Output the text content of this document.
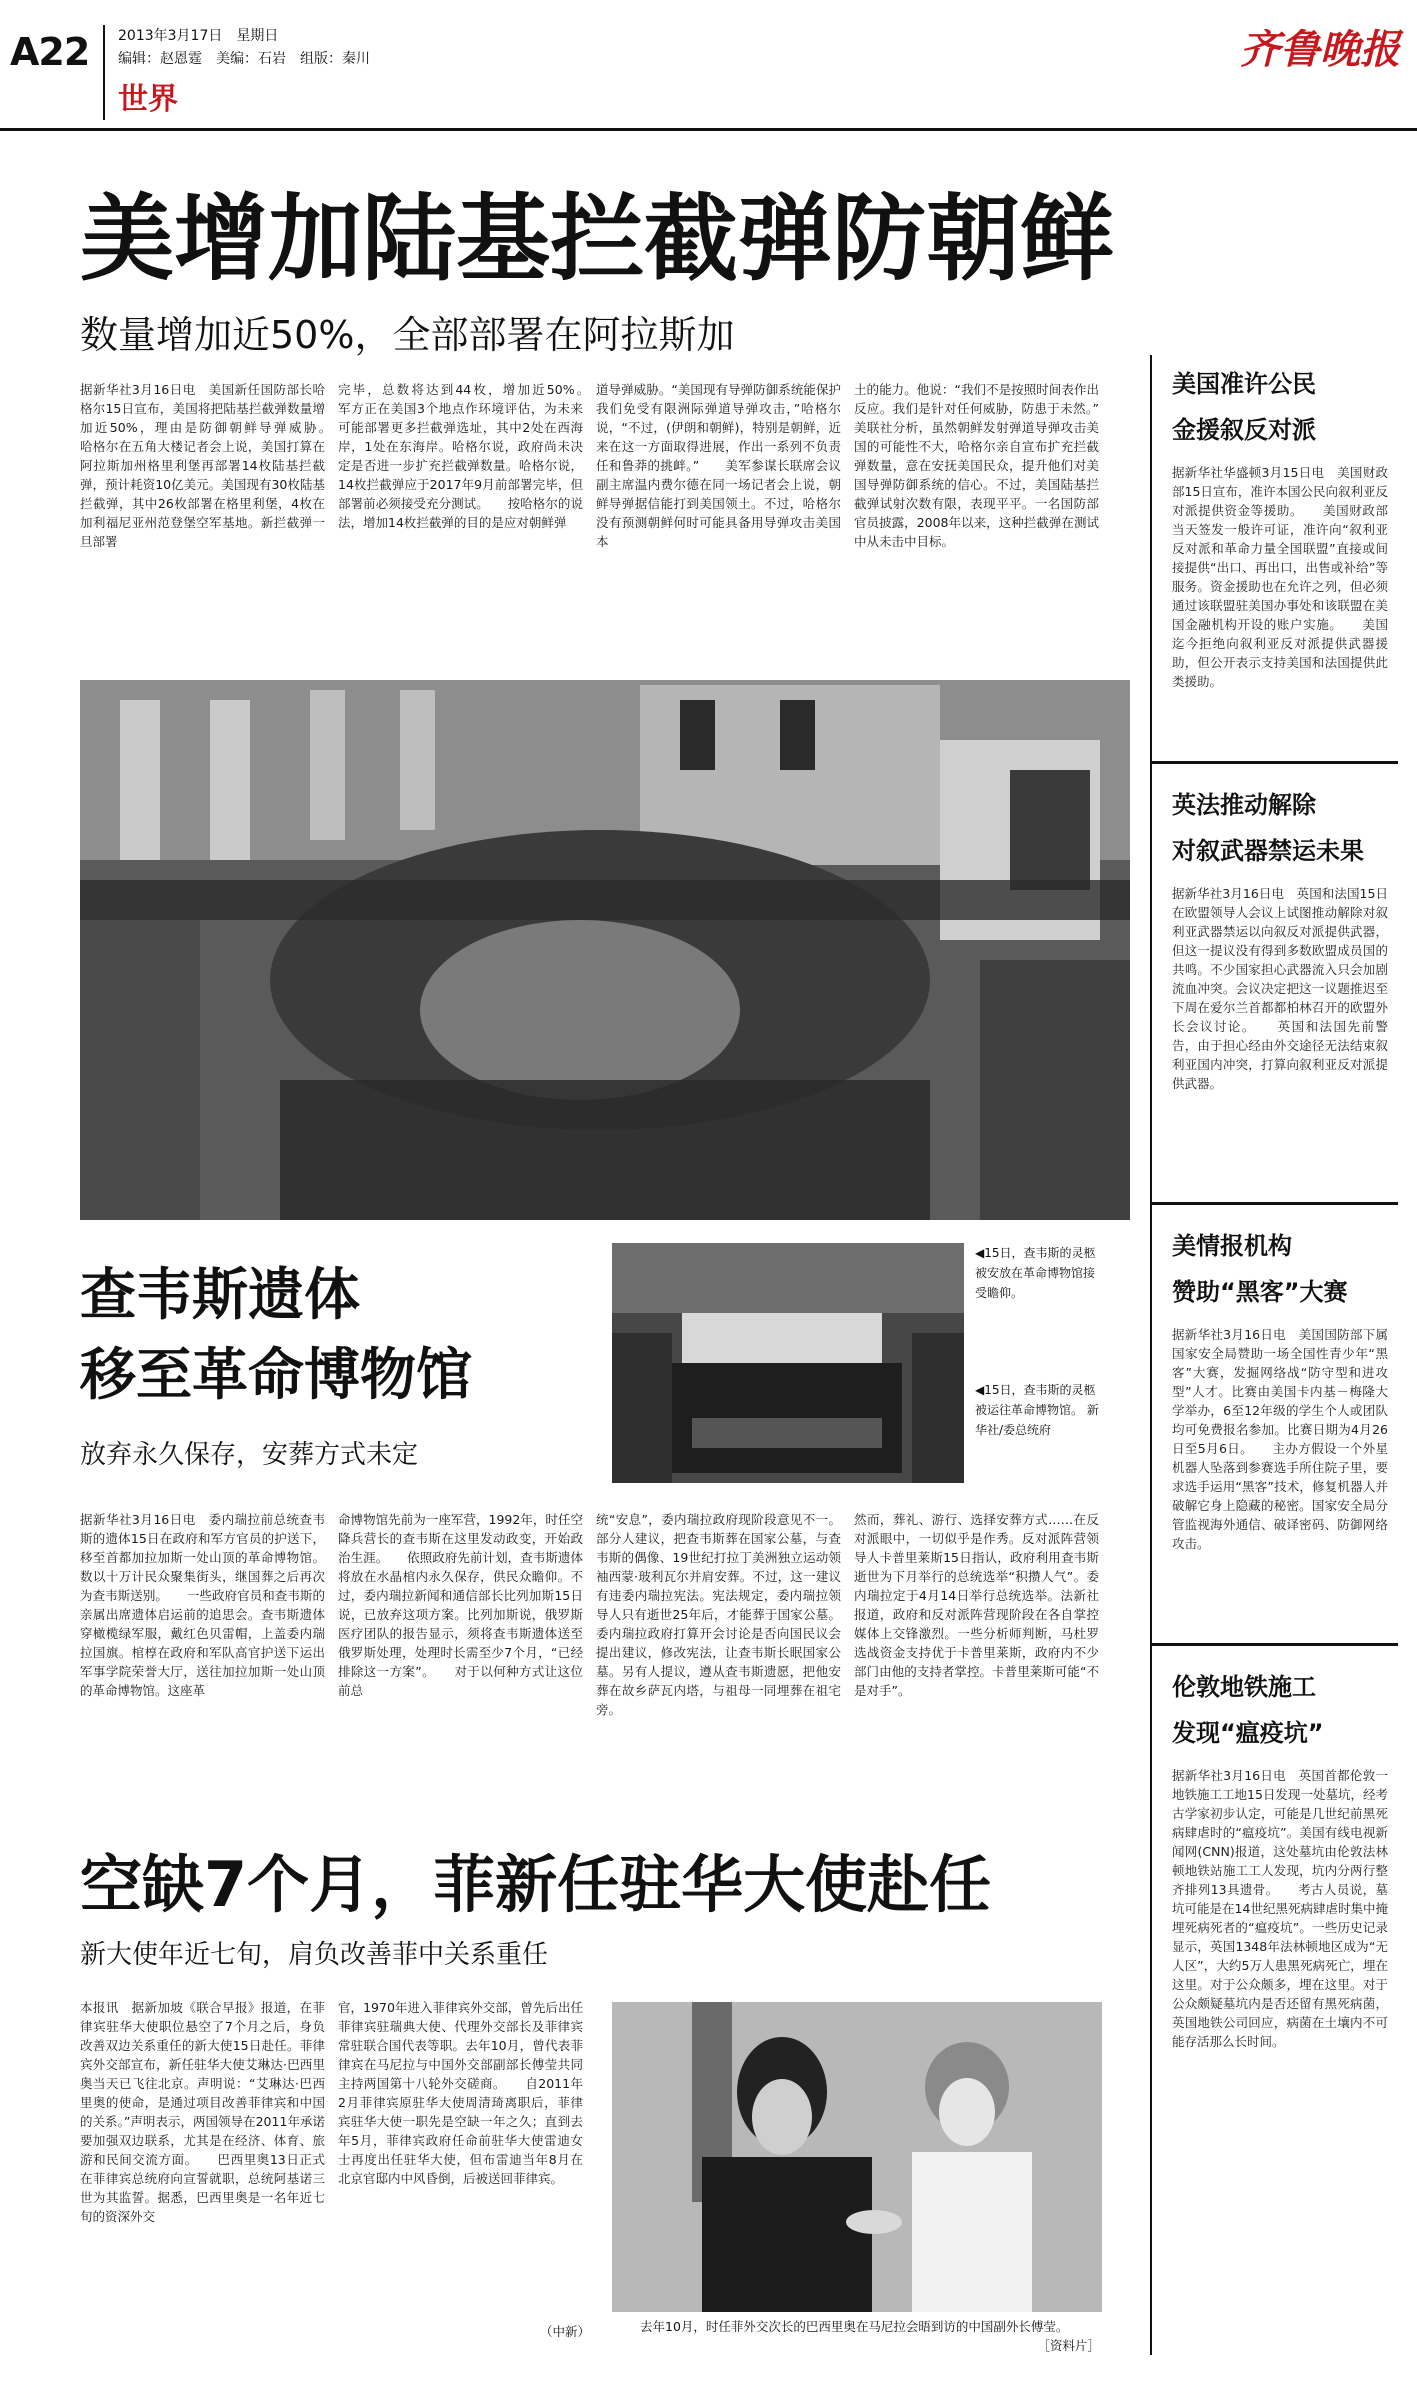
A22 2013年3月17日　星期日
编辑：赵恩霆　美编：石岩　组版：秦川
世界
齐鲁晚报
美增加陆基拦截弹防朝鲜
数量增加近50%，全部部署在阿拉斯加
据新华社3月16日电　美国新任国防部长哈格尔15日宣布，美国将把陆基拦截弹数量增加近50%，理由是防御朝鲜导弹威胁。　　哈格尔在五角大楼记者会上说，美国打算在阿拉斯加州格里利堡再部署14枚陆基拦截弹，预计耗资10亿美元。美国现有30枚陆基拦截弹，其中26枚部署在格里利堡，4枚在加利福尼亚州范登堡空军基地。新拦截弹一旦部署
完毕，总数将达到44枚，增加近50%。　　军方正在美国3个地点作环境评估，为未来可能部署更多拦截弹选址，其中2处在西海岸，1处在东海岸。哈格尔说，政府尚未决定是否进一步扩充拦截弹数量。哈格尔说，14枚拦截弹应于2017年9月前部署完毕，但部署前必须接受充分测试。　　按哈格尔的说法，增加14枚拦截弹的目的是应对朝鲜弹
道导弹威胁。“美国现有导弹防御系统能保护我们免受有限洲际弹道导弹攻击，”哈格尔说，“不过，(伊朗和朝鲜)，特别是朝鲜，近来在这一方面取得进展，作出一系列不负责任和鲁莽的挑衅。”　　美军参谋长联席会议副主席温内费尔德在同一场记者会上说，朝鲜导弹据信能打到美国领土。不过，哈格尔没有预测朝鲜何时可能具备用导弹攻击美国本
土的能力。他说：“我们不是按照时间表作出反应。我们是针对任何威胁，防患于未然。”　　美联社分析，虽然朝鲜发射弹道导弹攻击美国的可能性不大，哈格尔亲自宣布扩充拦截弹数量，意在安抚美国民众，提升他们对美国导弹防御系统的信心。不过，美国陆基拦截弹试射次数有限，表现平平。一名国防部官员披露，2008年以来，这种拦截弹在测试中从未击中目标。
查韦斯遗体
移至革命博物馆
放弃永久保存，安葬方式未定
◀15日，查韦斯的灵柩被安放在革命博物馆接受瞻仰。
◀15日，查韦斯的灵柩被运往革命博物馆。 新华社/委总统府
据新华社3月16日电　委内瑞拉前总统查韦斯的遗体15日在政府和军方官员的护送下，移至首都加拉加斯一处山顶的革命博物馆。数以十万计民众聚集街头，继国葬之后再次为查韦斯送别。　　一些政府官员和查韦斯的亲属出席遗体启运前的追思会。查韦斯遗体穿橄榄绿军服，戴红色贝雷帽，上盖委内瑞拉国旗。棺椁在政府和军队高官护送下运出军事学院荣誉大厅，送往加拉加斯一处山顶的革命博物馆。这座革
命博物馆先前为一座军营，1992年，时任空降兵营长的查韦斯在这里发动政变，开始政治生涯。　　依照政府先前计划，查韦斯遗体将放在水晶棺内永久保存，供民众瞻仰。不过，委内瑞拉新闻和通信部长比列加斯15日说，已放弃这项方案。比列加斯说，俄罗斯医疗团队的报告显示，须将查韦斯遗体送至俄罗斯处理，处理时长需至少7个月，“已经排除这一方案”。　　对于以何种方式让这位前总
统“安息”，委内瑞拉政府现阶段意见不一。部分人建议，把查韦斯葬在国家公墓，与查韦斯的偶像、19世纪打拉丁美洲独立运动领袖西蒙·玻利瓦尔并肩安葬。不过，这一建议有违委内瑞拉宪法。宪法规定，委内瑞拉领导人只有逝世25年后，才能葬于国家公墓。委内瑞拉政府打算开会讨论是否向国民议会提出建议，修改宪法，让查韦斯长眠国家公墓。另有人提议，遵从查韦斯遗愿，把他安葬在故乡萨瓦内塔，与祖母一同埋葬在祖宅旁。
然而，葬礼、游行、选择安葬方式……在反对派眼中，一切似乎是作秀。反对派阵营领导人卡普里莱斯15日指认，政府利用查韦斯逝世为下月举行的总统选举“积攒人气”。委内瑞拉定于4月14日举行总统选举。法新社报道，政府和反对派阵营现阶段在各自掌控媒体上交锋激烈。一些分析师判断，马杜罗选战资金支持优于卡普里莱斯，政府内不少部门由他的支持者掌控。卡普里莱斯可能“不是对手”。
空缺7个月，菲新任驻华大使赴任
新大使年近七旬，肩负改善菲中关系重任
本报讯　据新加坡《联合早报》报道，在菲律宾驻华大使职位悬空了7个月之后，身负改善双边关系重任的新大使15日赴任。菲律宾外交部宣布，新任驻华大使艾琳达·巴西里奥当天已飞往北京。声明说：“艾琳达·巴西里奥的使命，是通过项目改善菲律宾和中国的关系。”声明表示，两国领导在2011年承诺要加强双边联系，尤其是在经济、体育、旅游和民间交流方面。　　巴西里奥13日正式在菲律宾总统府向宣誓就职，总统阿基诺三世为其监誓。据悉，巴西里奥是一名年近七旬的资深外交
官，1970年进入菲律宾外交部，曾先后出任菲律宾驻瑞典大使、代理外交部长及菲律宾常驻联合国代表等职。去年10月，曾代表菲律宾在马尼拉与中国外交部副部长傅莹共同主持两国第十八轮外交磋商。　　自2011年2月菲律宾原驻华大使周清琦离职后，菲律宾驻华大使一职先是空缺一年之久；直到去年5月，菲律宾政府任命前驻华大使雷迪女士再度出任驻华大使，但布雷迪当年8月在北京官邸内中风昏倒，后被送回菲律宾。
（中新）	去年10月，时任菲外交次长的巴西里奥在马尼拉会晤到访的中国副外长傅莹。
［资料片］
美国准许公民
金援叙反对派
据新华社华盛顿3月15日电　美国财政部15日宣布，准许本国公民向叙利亚反对派提供资金等援助。　　美国财政部当天签发一般许可证，准许向“叙利亚反对派和革命力量全国联盟”直接或间接提供“出口、再出口，出售或补给”等服务。资金援助也在允许之列，但必须通过该联盟驻美国办事处和该联盟在美国金融机构开设的账户实施。　　美国迄今拒绝向叙利亚反对派提供武器援助，但公开表示支持美国和法国提供此类援助。
英法推动解除
对叙武器禁运未果
据新华社3月16日电　英国和法国15日在欧盟领导人会议上试图推动解除对叙利亚武器禁运以向叙反对派提供武器，但这一提议没有得到多数欧盟成员国的共鸣。不少国家担心武器流入只会加剧流血冲突。会议决定把这一议题推迟至下周在爱尔兰首都都柏林召开的欧盟外长会议讨论。　　英国和法国先前警告，由于担心经由外交途径无法结束叙利亚国内冲突，打算向叙利亚反对派提供武器。
美情报机构
赞助“黑客”大赛
据新华社3月16日电　美国国防部下属国家安全局赞助一场全国性青少年“黑客”大赛，发掘网络战“防守型和进攻型”人才。比赛由美国卡内基－梅隆大学举办，6至12年级的学生个人或团队均可免费报名参加。比赛日期为4月26日至5月6日。　　主办方假设一个外星机器人坠落到参赛选手所住院子里，要求选手运用“黑客”技术，修复机器人并破解它身上隐藏的秘密。国家安全局分管监视海外通信、破译密码、防御网络攻击。
伦敦地铁施工
发现“瘟疫坑”
据新华社3月16日电　英国首都伦敦一地铁施工工地15日发现一处墓坑，经考古学家初步认定，可能是几世纪前黑死病肆虐时的“瘟疫坑”。美国有线电视新闻网(CNN)报道，这处墓坑由伦敦法林顿地铁站施工工人发现，坑内分两行整齐排列13具遗骨。　　考古人员说，墓坑可能是在14世纪黑死病肆虐时集中掩埋死病死者的“瘟疫坑”。一些历史记录显示，英国1348年法林顿地区成为“无人区”，大约5万人患黑死病死亡，埋在这里。对于公众颇多，埋在这里。对于公众颇疑墓坑内是否还留有黑死病菌，英国地铁公司回应，病菌在土壤内不可能存活那么长时间。
